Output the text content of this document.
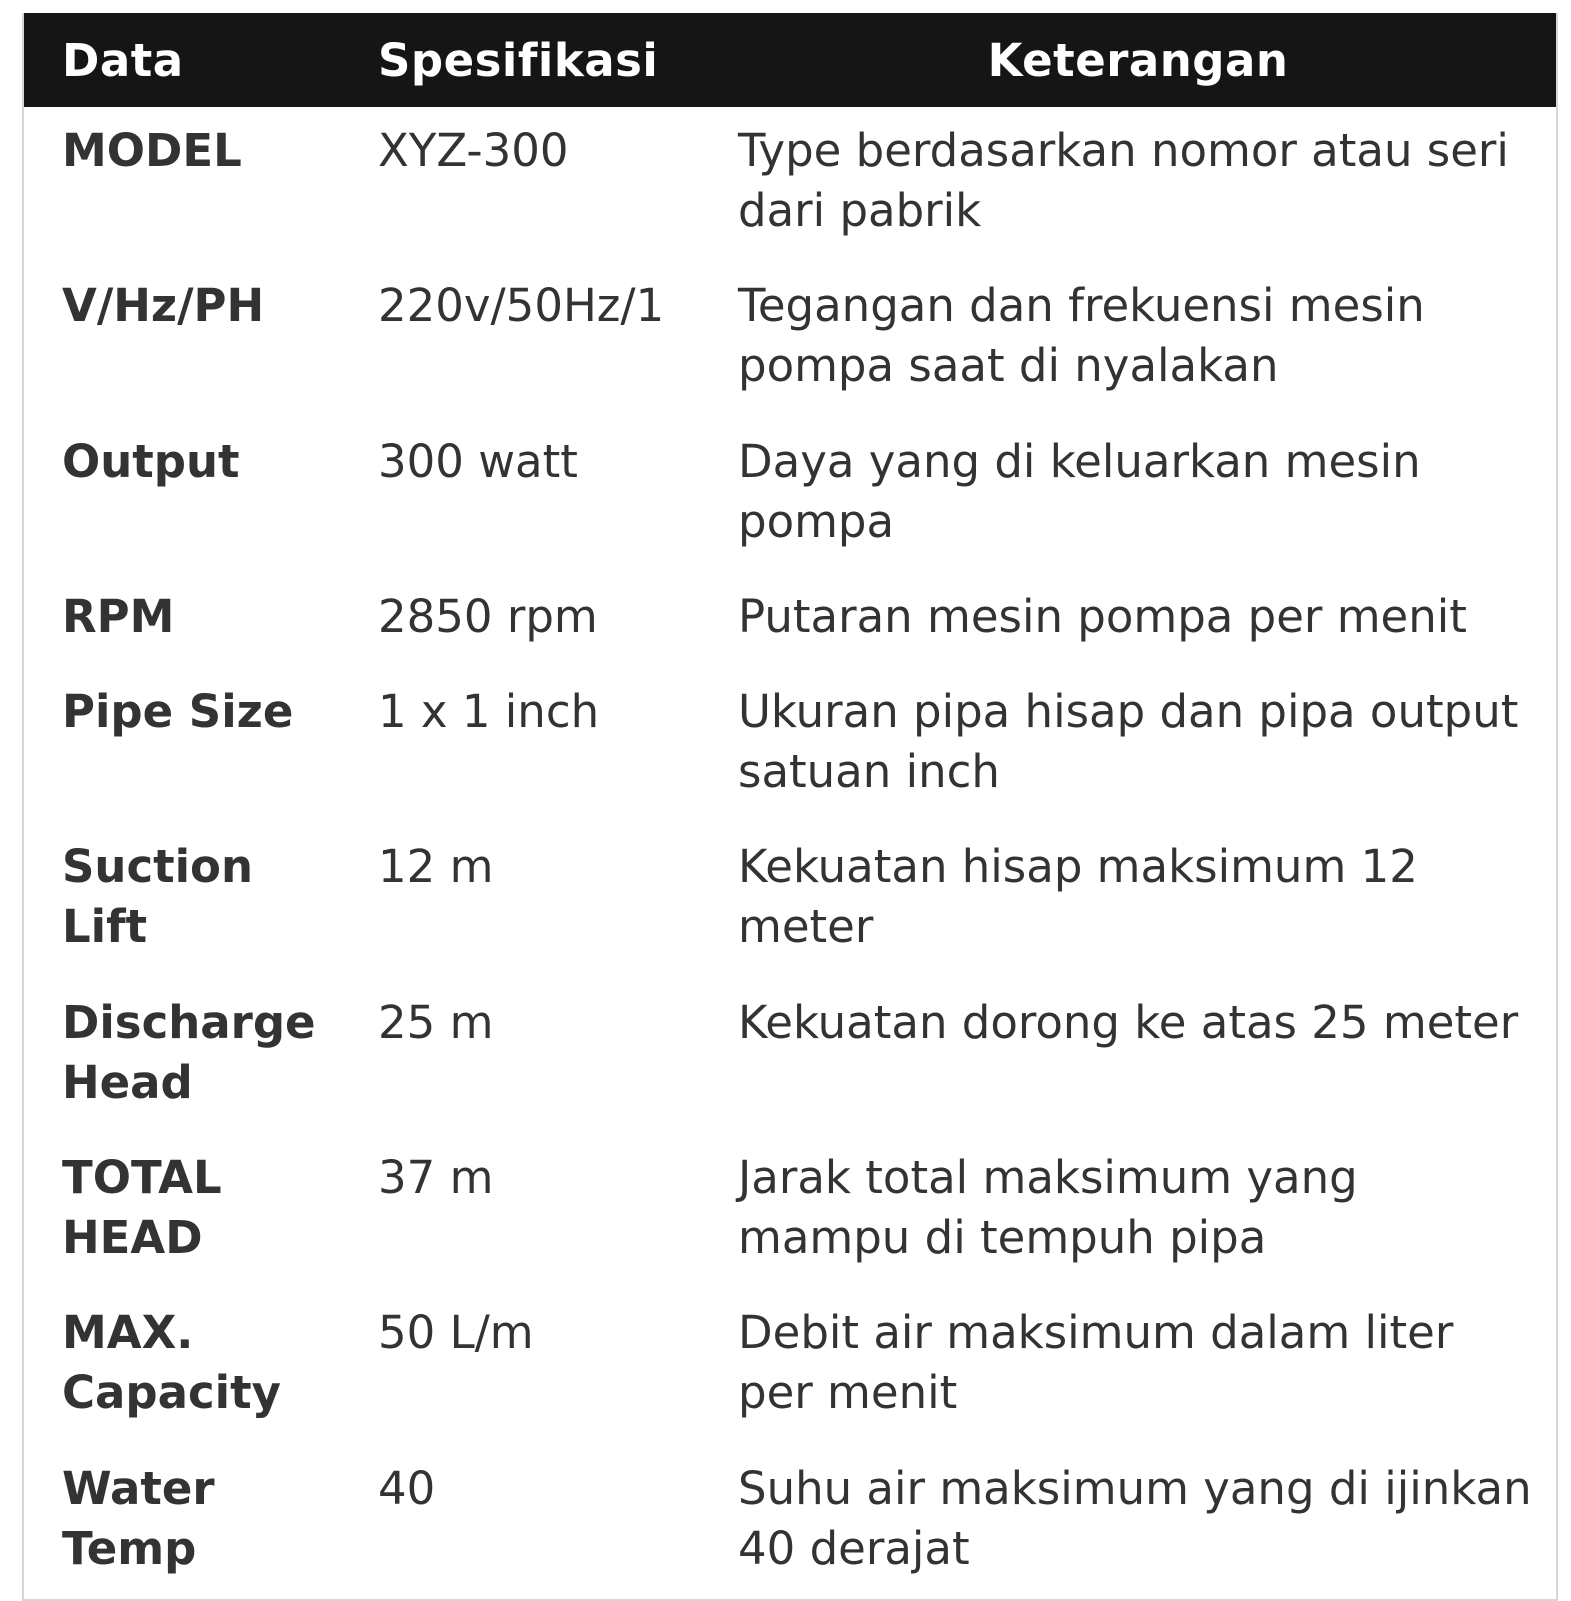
Data	Spesifikasi	Keterangan
MODEL	XYZ-300	Type berdasarkan nomor atau seri dari pabrik
V/Hz/PH	220v/50Hz/1	Tegangan dan frekuensi mesin pompa saat di nyalakan
Output	300 watt	Daya yang di keluarkan mesin pompa
RPM	2850 rpm	Putaran mesin pompa per menit
Pipe Size	1 x 1 inch	Ukuran pipa hisap dan pipa output satuan inch
Suction Lift	12 m	Kekuatan hisap maksimum 12 meter
Discharge Head	25 m	Kekuatan dorong ke atas 25 meter
TOTAL HEAD	37 m	Jarak total maksimum yang mampu di tempuh pipa
MAX. Capacity	50 L/m	Debit air maksimum dalam liter per menit
Water Temp	40	Suhu air maksimum yang di ijinkan 40 derajat
